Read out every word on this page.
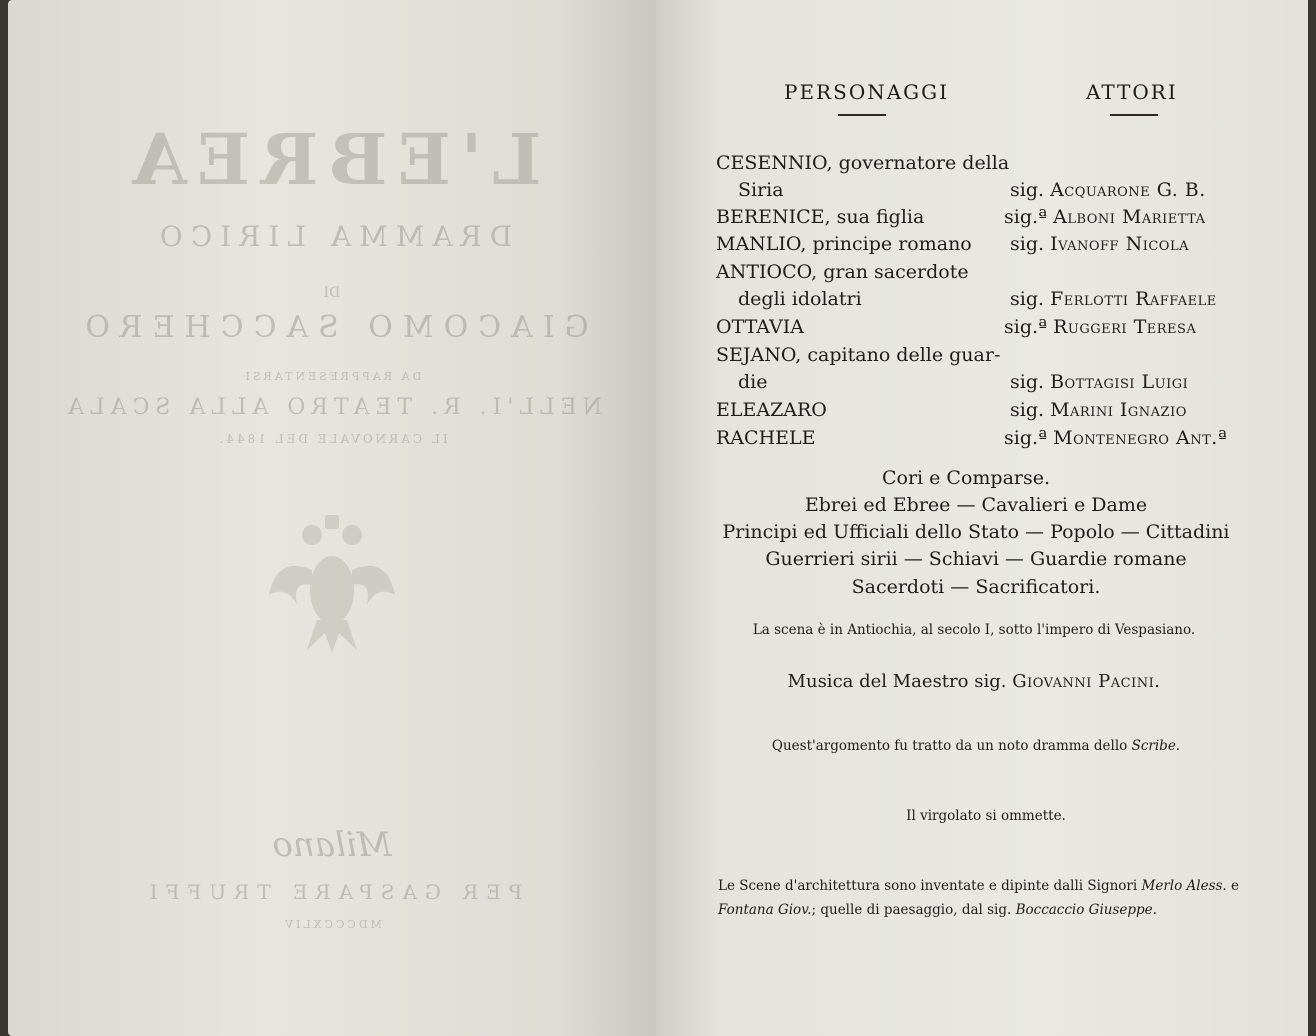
L'EBREA
DRAMMA LIRICO
DI
GIACOMO SACCHERO
DA RAPPRESENTARSI
NELL'I. R. TEATRO ALLA SCALA
IL CARNOVALE DEL 1844.
Milano
PER GASPARE TRUFFI
MDCCCXLIV
PERSONAGGI	ATTORI
CESENNIO, governatore della
Siria	sig. Acquarone G. B.
BERENICE, sua figlia	sig.ª Alboni Marietta
MANLIO, principe romano sig. Ivanoff Nicola
ANTIOCO, gran sacerdote
degli idolatri	sig. Ferlotti Raffaele
OTTAVIA	sig.ª Ruggeri Teresa
SEJANO, capitano delle guar-
die	sig. Bottagisi Luigi
ELEAZARO	sig. Marini Ignazio
RACHELE	sig.ª Montenegro Ant.ª
Cori e Comparse.
Ebrei ed Ebree — Cavalieri e Dame
Principi ed Ufficiali dello Stato — Popolo — Cittadini
Guerrieri sirii — Schiavi — Guardie romane
Sacerdoti — Sacrificatori.
La scena è in Antiochia, al secolo I, sotto l'impero di Vespasiano.
Musica del Maestro sig. Giovanni Pacini.
Quest'argomento fu tratto da un noto dramma dello Scribe.
Il virgolato si ommette.
Le Scene d'architettura sono inventate e dipinte dalli Signori Merlo Aless. e Fontana Giov.; quelle di paesaggio, dal sig. Boccaccio Giuseppe.
